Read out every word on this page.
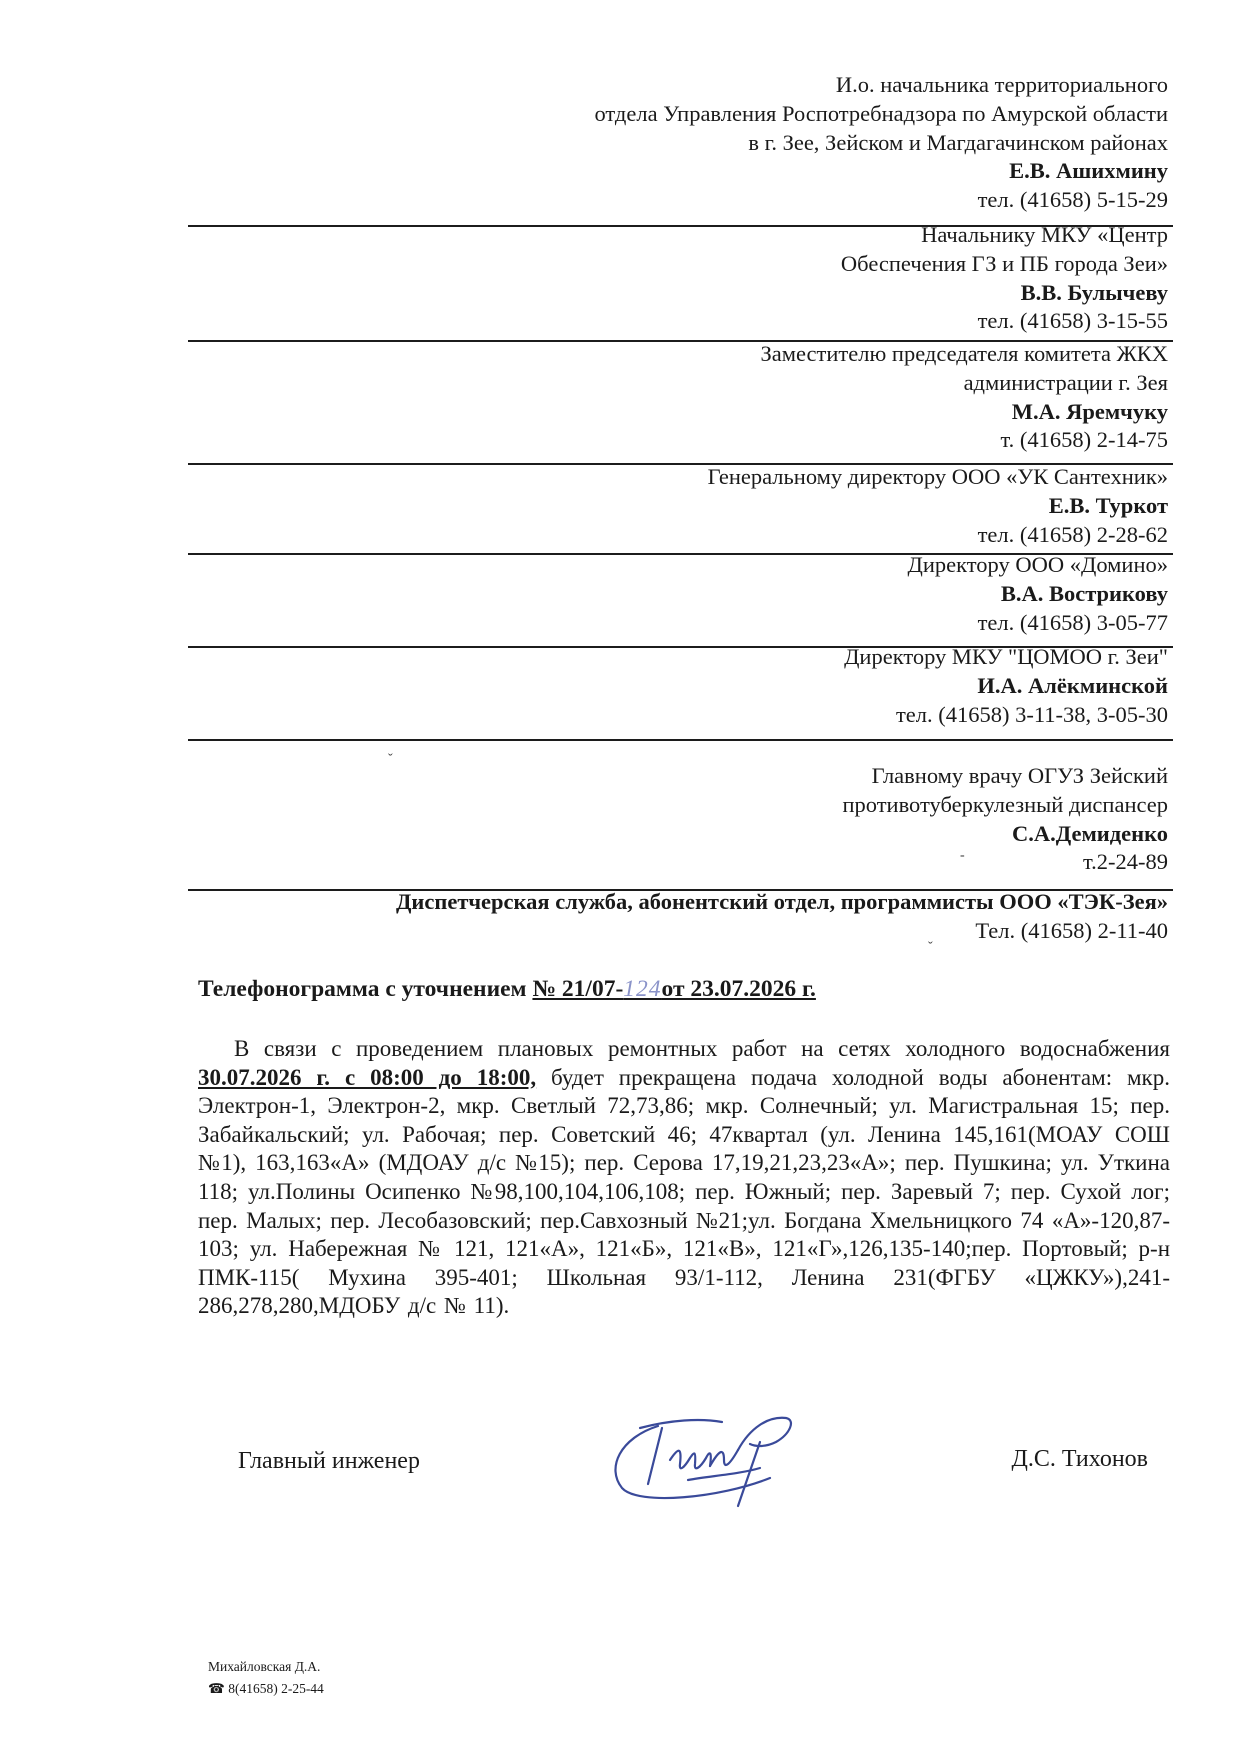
И.о. начальника территориального
отдела Управления Роспотребнадзора по Амурской области
в г. Зее, Зейском и Магдагачинском районах
Е.В. Ашихмину
тел. (41658) 5-15-29
Начальнику МКУ «Центр
Обеспечения ГЗ и ПБ города Зеи»
В.В. Булычеву
тел. (41658) 3-15-55
Заместителю председателя комитета ЖКХ
администрации г. Зея
М.А. Яремчуку
т. (41658) 2-14-75
Генеральному директору ООО «УК Сантехник»
Е.В. Туркот
тел. (41658) 2-28-62
Директору ООО «Домино»
В.А. Вострикову
тел. (41658) 3-05-77
Директору МКУ "ЦОМОО г. Зеи"
И.А. Алёкминской
тел. (41658) 3-11-38, 3-05-30
Главному врачу ОГУЗ Зейский
противотуберкулезный диспансер
С.А.Демиденко
т.2-24-89
Диспетчерская служба, абонентский отдел, программисты ООО «ТЭК-Зея»
Тел. (41658) 2-11-40
ˇ
-
ˇ
Телефонограмма с уточнением № 21/07-124от 23.07.2026 г.
В связи с проведением плановых ремонтных работ на сетях холодного водоснабжения 30.07.2026 г. с 08:00 до 18:00, будет прекращена подача холодной воды абонентам: мкр. Электрон-1, Электрон-2, мкр. Светлый 72,73,86; мкр. Солнечный; ул. Магистральная 15; пер. Забайкальский; ул. Рабочая; пер. Советский 46; 47квартал (ул. Ленина 145,161(МОАУ СОШ №1), 163,163«А» (МДОАУ д/с №15); пер. Серова 17,19,21,23,23«А»; пер. Пушкина; ул. Уткина 118; ул.Полины Осипенко №98,100,104,106,108; пер. Южный; пер. Заревый 7; пер. Сухой лог; пер. Малых; пер. Лесобазовский; пер.Савхозный №21;ул. Богдана Хмельницкого 74 «А»-120,87-103; ул. Набережная № 121, 121«А», 121«Б», 121«В», 121«Г»,126,135-140;пер. Портовый; р-н ПМК-115( Мухина 395-401; Школьная 93/1-112, Ленина 231(ФГБУ «ЦЖКУ»),241-286,278,280,МДОБУ д/с № 11).
Главный инженер	Д.С. Тихонов
Михайловская Д.А.
☎ 8(41658) 2-25-44
